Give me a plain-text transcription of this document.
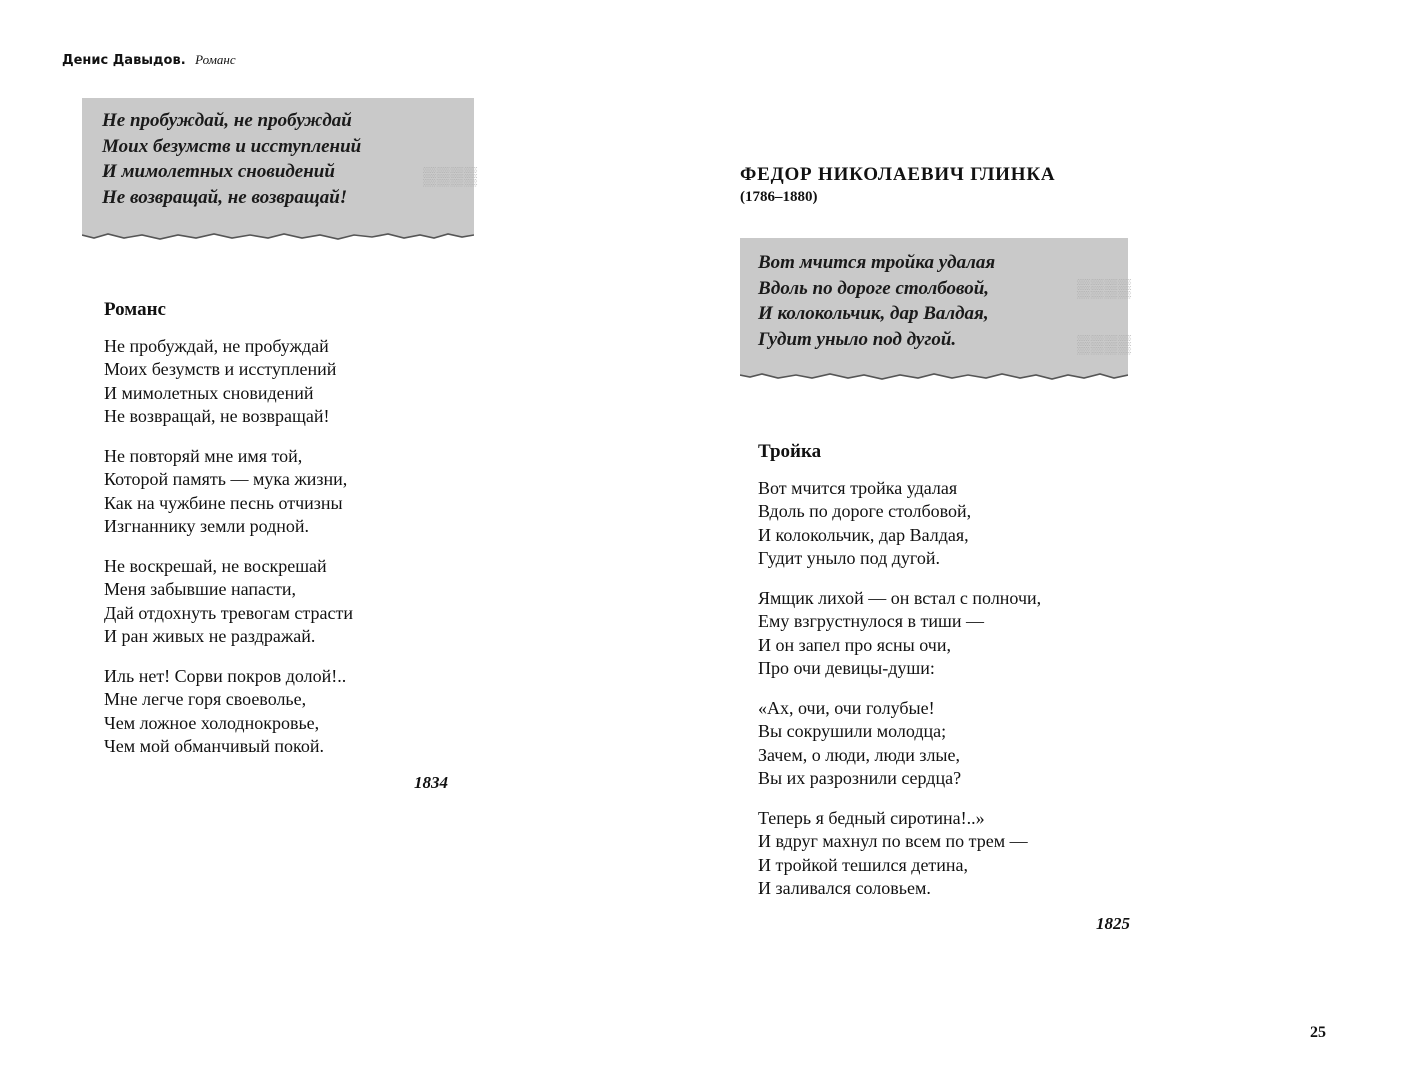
Денис Давыдов. Романс
▒▒▒▒
Не пробуждай, не пробуждай
Моих безумств и исступлений
И мимолетных сновидений
Не возвращай, не возвращай!
Романс
Не пробуждай, не пробуждай
Моих безумств и исступлений
И мимолетных сновидений
Не возвращай, не возвращай!
Не повторяй мне имя той,
Которой память — мука жизни,
Как на чужбине песнь отчизны
Изгнаннику земли родной.
Не воскрешай, не воскрешай
Меня забывшие напасти,
Дай отдохнуть тревогам страсти
И ран живых не раздражай.
Иль нет! Сорви покров долой!..
Мне легче горя своеволье,
Чем ложное холоднокровье,
Чем мой обманчивый покой.
1834
ФЕДОР НИКОЛАЕВИЧ ГЛИНКА
(1786–1880)
▒▒▒▒
▒▒▒▒
Вот мчится тройка удалая
Вдоль по дороге столбовой,
И колокольчик, дар Валдая,
Гудит уныло под дугой.
Тройка
Вот мчится тройка удалая
Вдоль по дороге столбовой,
И колокольчик, дар Валдая,
Гудит уныло под дугой.
Ямщик лихой — он встал с полночи,
Ему взгрустнулося в тиши —
И он запел про ясны очи,
Про очи девицы-души:
«Ах, очи, очи голубые!
Вы сокрушили молодца;
Зачем, о люди, люди злые,
Вы их разрознили сердца?
Теперь я бедный сиротина!..»
И вдруг махнул по всем по трем —
И тройкой тешился детина,
И заливался соловьем.
1825
25
